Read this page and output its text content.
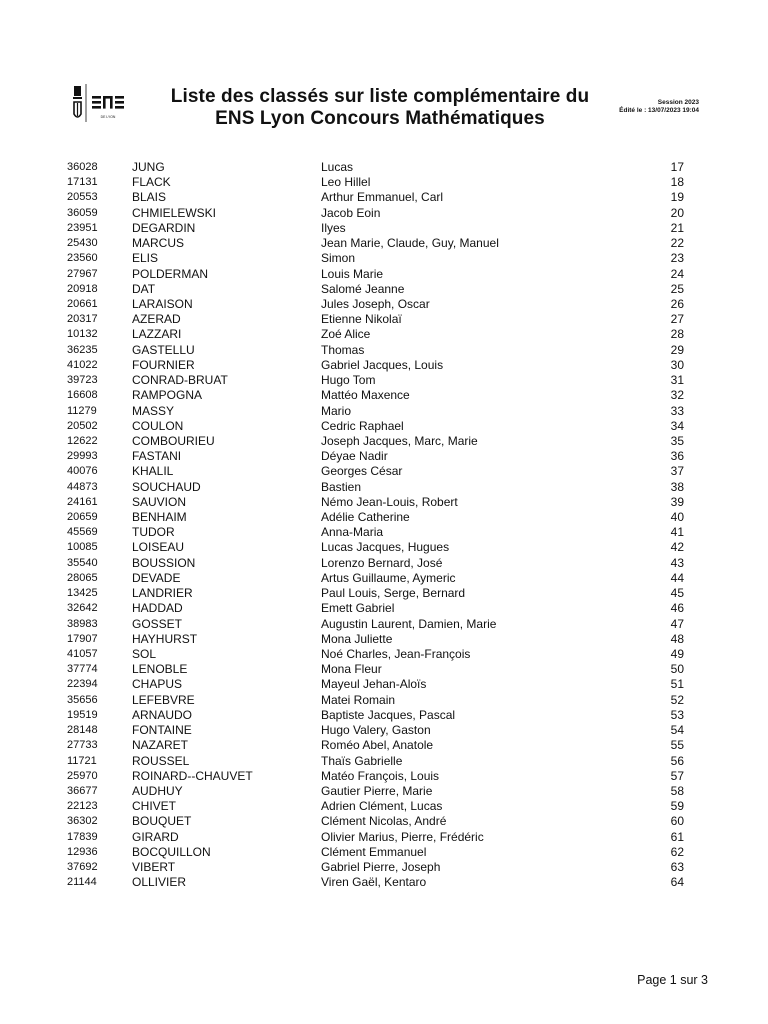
DE LYON
Liste des classés sur liste complémentaire du
ENS Lyon Concours Mathématiques
Session 2023
Édité le : 13/07/2023 19:04
36028	JUNG	Lucas	17
17131	FLACK	Leo Hillel	18
20553	BLAIS	Arthur Emmanuel, Carl	19
36059	CHMIELEWSKI	Jacob Eoin	20
23951	DEGARDIN	Ilyes	21
25430	MARCUS	Jean Marie, Claude, Guy, Manuel	22
23560	ELIS	Simon	23
27967	POLDERMAN	Louis Marie	24
20918	DAT	Salomé Jeanne	25
20661	LARAISON	Jules Joseph, Oscar	26
20317	AZERAD	Etienne Nikolaï	27
10132	LAZZARI	Zoé Alice	28
36235	GASTELLU	Thomas	29
41022	FOURNIER	Gabriel Jacques, Louis	30
39723	CONRAD-BRUAT	Hugo Tom	31
16608	RAMPOGNA	Mattéo Maxence	32
11279	MASSY	Mario	33
20502	COULON	Cedric Raphael	34
12622	COMBOURIEU	Joseph Jacques, Marc, Marie	35
29993	FASTANI	Déyae Nadir	36
40076	KHALIL	Georges César	37
44873	SOUCHAUD	Bastien	38
24161	SAUVION	Némo Jean-Louis, Robert	39
20659	BENHAIM	Adélie Catherine	40
45569	TUDOR	Anna-Maria	41
10085	LOISEAU	Lucas Jacques, Hugues	42
35540	BOUSSION	Lorenzo Bernard, José	43
28065	DEVADE	Artus Guillaume, Aymeric	44
13425	LANDRIER	Paul Louis, Serge, Bernard	45
32642	HADDAD	Emett Gabriel	46
38983	GOSSET	Augustin Laurent, Damien, Marie	47
17907	HAYHURST	Mona Juliette	48
41057	SOL	Noé Charles, Jean-François	49
37774	LENOBLE	Mona Fleur	50
22394	CHAPUS	Mayeul Jehan-Aloïs	51
35656	LEFEBVRE	Matei Romain	52
19519	ARNAUDO	Baptiste Jacques, Pascal	53
28148	FONTAINE	Hugo Valery, Gaston	54
27733	NAZARET	Roméo Abel, Anatole	55
11721	ROUSSEL	Thaïs Gabrielle	56
25970	ROINARD--CHAUVET	Matéo François, Louis	57
36677	AUDHUY	Gautier Pierre, Marie	58
22123	CHIVET	Adrien Clément, Lucas	59
36302	BOUQUET	Clément Nicolas, André	60
17839	GIRARD	Olivier Marius, Pierre, Frédéric	61
12936	BOCQUILLON	Clément Emmanuel	62
37692	VIBERT	Gabriel Pierre, Joseph	63
21144	OLLIVIER	Viren Gaël, Kentaro	64
Page 1 sur 3
